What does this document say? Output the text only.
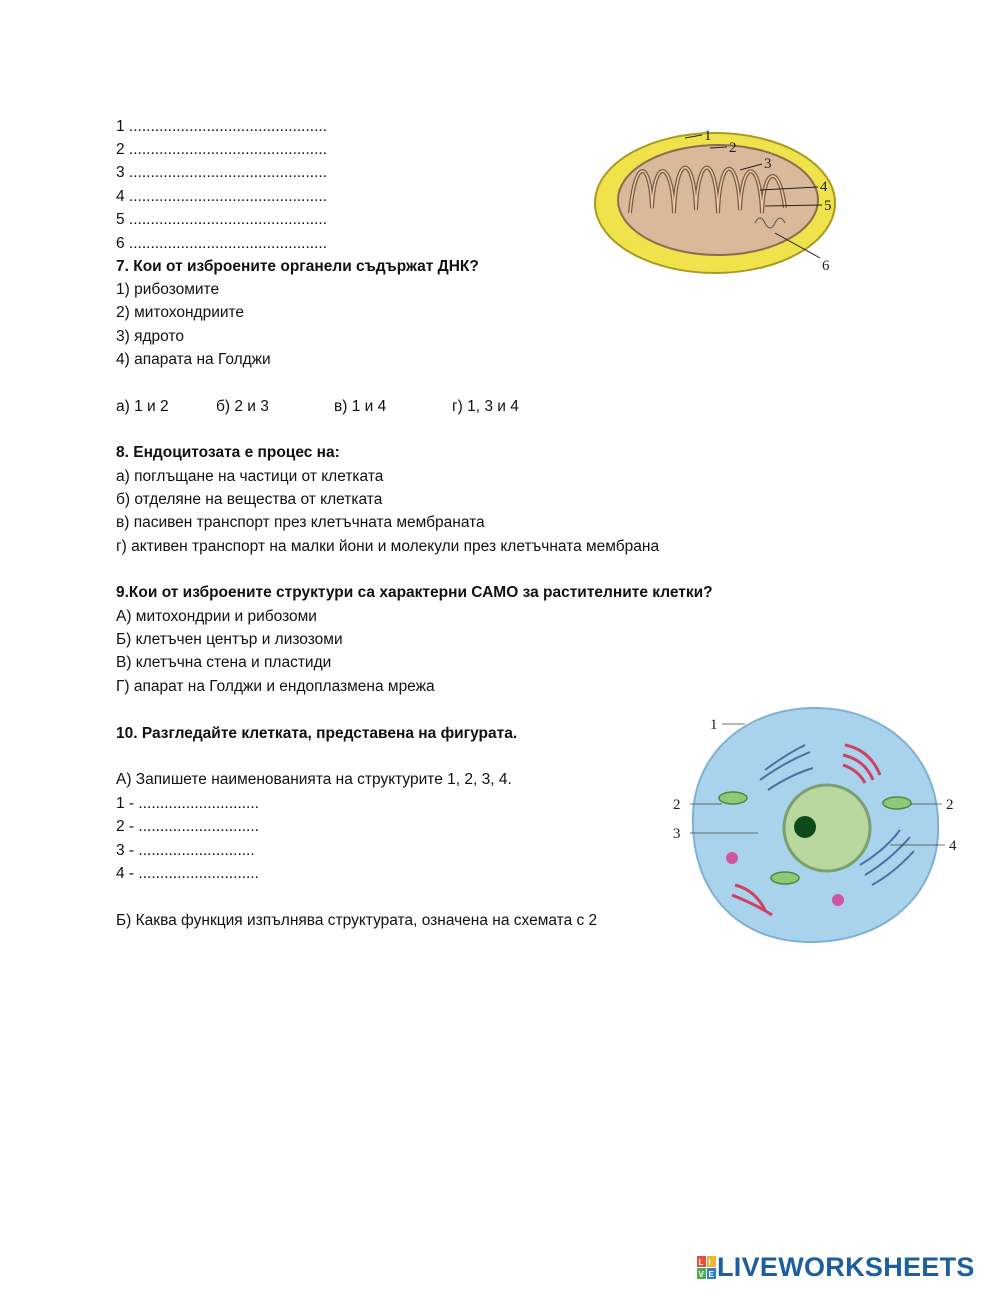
1 ..............................................
2 ..............................................
3 ..............................................
4 ..............................................
5 ..............................................
6 ..............................................
7. Кои от изброените органели съдържат ДНК?
1) рибозомите
2) митохондриите
3) ядрото
4) апарата на Голджи
а) 1 и 2	б) 2 и 3	в) 1 и 4	г) 1, 3 и 4
8. Ендоцитозата е процес на:
а) поглъщане на частици от клетката
б) отделяне на вещества от клетката
в) пасивен транспорт през клетъчната мембраната
г) активен транспорт на малки йони и молекули през клетъчната мембрана
9.Кои от изброените структури са характерни САМО за растителните клетки?
А) митохондрии и рибозоми
Б) клетъчен център и лизозоми
В) клетъчна стена и пластиди
Г) апарат на Голджи и ендоплазмена мрежа
10. Разгледайте клетката, представена на фигурата.
А) Запишете наименованията на структурите 1, 2, 3, 4.
1 - ............................
2 - ............................
3 - ...........................
4 - ............................
Б) Каква функция изпълнява структурата, означена на схемата с 2
1
2
3
4
5
6
1
2	2
3
4
L I
V E LIVEWORKSHEETS
